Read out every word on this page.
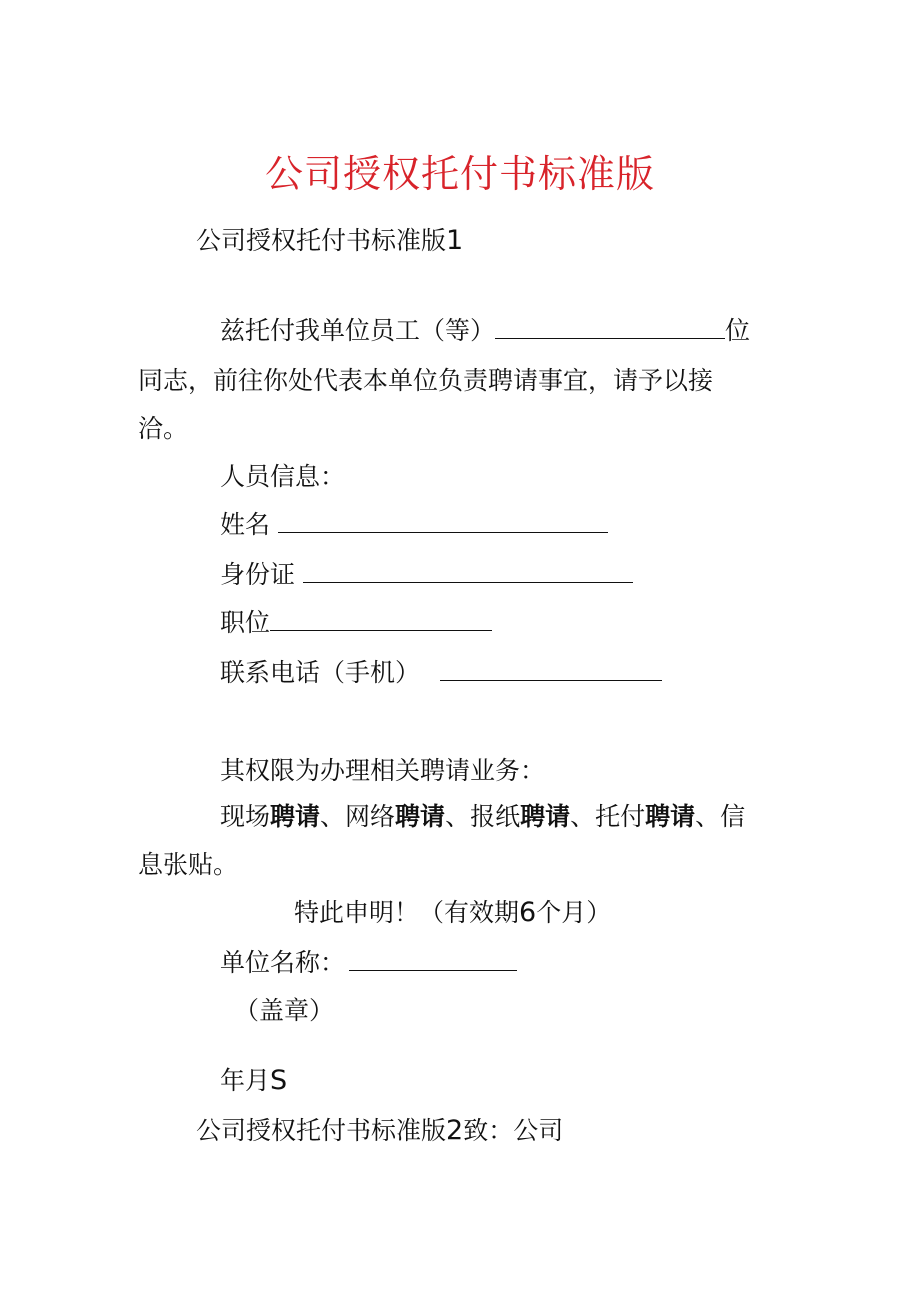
公司授权托付书标准版
公司授权托付书标准版1
兹托付我单位员工（等）	位
同志，前往你处代表本单位负责聘请事宜，请予以接
洽。
人员信息：
姓名
身份证
职位
联系电话（手机）
其权限为办理相关聘请业务：
现场聘请、网络聘请、报纸聘请、托付聘请、信
息张贴。
特此申明！（有效期6个月）
单位名称：
（盖章）
年月S
公司授权托付书标准版2致：公司
